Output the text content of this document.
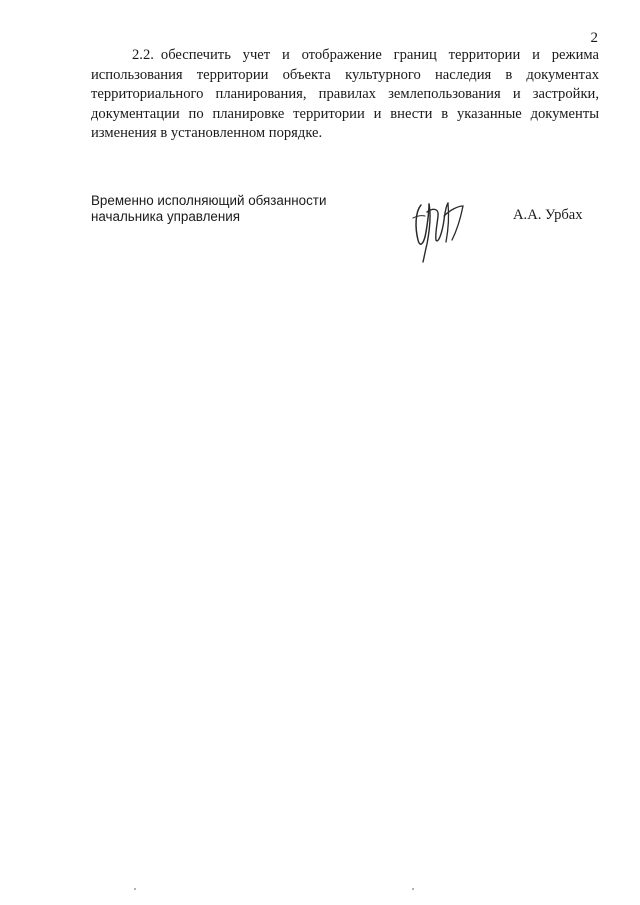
2
2.2. обеспечить учет и отображение границ территории и режима использования территории объекта культурного наследия в документах территориального планирования, правилах землепользования и застройки, документации по планировке территории и внести в указанные документы изменения в установленном порядке.
Временно исполняющий обязанности
начальника управления	А.А. Урбах
